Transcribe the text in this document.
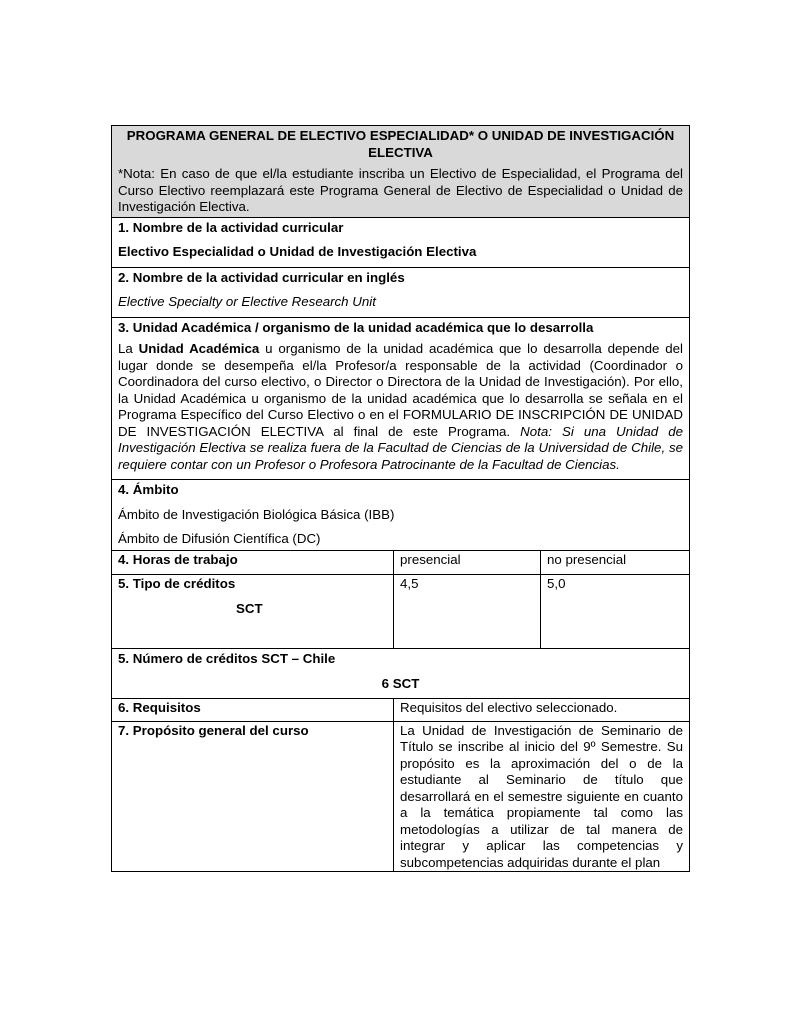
PROGRAMA GENERAL DE ELECTIVO ESPECIALIDAD* O UNIDAD DE INVESTIGACIÓN ELECTIVA

*Nota: En caso de que el/la estudiante inscriba un Electivo de Especialidad, el Programa del Curso Electivo reemplazará este Programa General de Electivo de Especialidad o Unidad de Investigación Electiva.		

1. Nombre de la actividad curricular

Electivo Especialidad o Unidad de Investigación Electiva		

2. Nombre de la actividad curricular en inglés

Elective Specialty or Elective Research Unit		

3. Unidad Académica / organismo de la unidad académica que lo desarrolla

La Unidad Académica u organismo de la unidad académica que lo desarrolla depende del lugar donde se desempeña el/la Profesor/a responsable de la actividad (Coordinador o Coordinadora del curso electivo, o Director o Directora de la Unidad de Investigación). Por ello, la Unidad Académica u organismo de la unidad académica que lo desarrolla se señala en el Programa Específico del Curso Electivo o en el FORMULARIO DE INSCRIPCIÓN DE UNIDAD DE INVESTIGACIÓN ELECTIVA al final de este Programa. Nota: Si una Unidad de Investigación Electiva se realiza fuera de la Facultad de Ciencias de la Universidad de Chile, se requiere contar con un Profesor o Profesora Patrocinante de la Facultad de Ciencias.		

4. Ámbito

Ámbito de Investigación Biológica Básica (IBB)

Ámbito de Difusión Científica (DC)		

4. Horas de trabajo	presencial	no presencial

5. Tipo de créditos

SCT	4,5	5,0

5. Número de créditos SCT – Chile

6 SCT		

6. Requisitos	Requisitos del electivo seleccionado.	

7. Propósito general del curso	La Unidad de Investigación de Seminario de Título se inscribe al inicio del 9º Semestre. Su propósito es la aproximación del o de la estudiante al Seminario de título que desarrollará en el semestre siguiente en cuanto a la temática propiamente tal como las metodologías a utilizar de tal manera de integrar y aplicar las competencias y subcompetencias adquiridas durante el plan	
